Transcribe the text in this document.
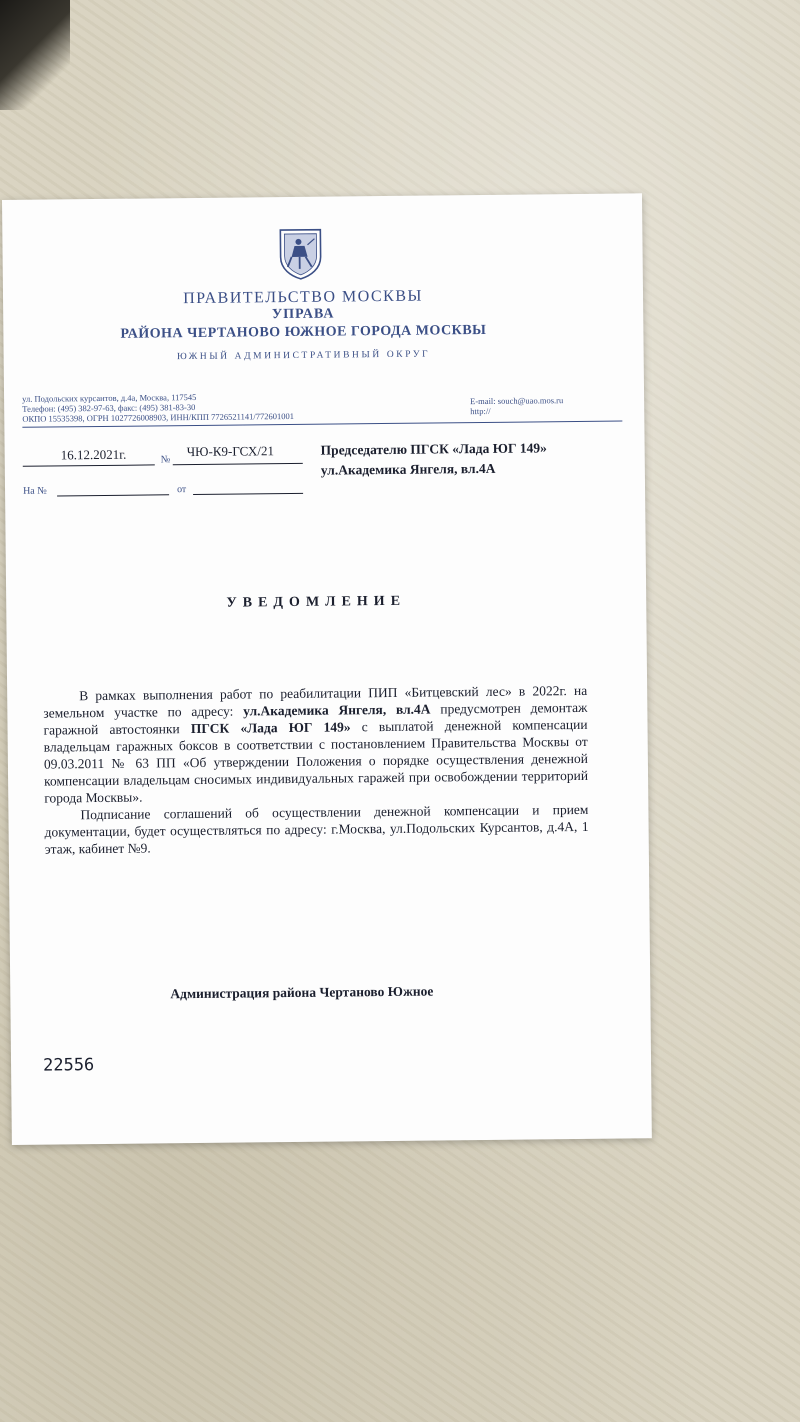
ПРАВИТЕЛЬСТВО МОСКВЫ
УПРАВА
РАЙОНА ЧЕРТАНОВО ЮЖНОЕ ГОРОДА МОСКВЫ
ЮЖНЫЙ АДМИНИСТРАТИВНЫЙ ОКРУГ
ул. Подольских курсантов, д.4а, Москва, 117545
Телефон: (495) 382-97-63, факс: (495) 381-83-30
ОКПО 15535398, ОГРН 1027726008903, ИНН/КПП 7726521141/772601001
E-mail: souch@uao.mos.ru
http://
16.12.2021г.	№
ЧЮ-К9-ГСХ/21
На №	от
Председателю ПГСК «Лада ЮГ 149»
ул.Академика Янгеля, вл.4А
УВЕДОМЛЕНИЕ

В рамках выполнения работ по реабилитации ПИП «Битцевский лес» в 2022г. на земельном участке по адресу: ул.Академика Янгеля, вл.4А предусмотрен демонтаж гаражной автостоянки ПГСК «Лада ЮГ 149» с выплатой денежной компенсации владельцам гаражных боксов в соответствии с постановлением Правительства Москвы от 09.03.2011 № 63 ПП «Об утверждении Положения о порядке осуществления денежной компенсации владельцам сносимых индивидуальных гаражей при освобождении территорий города Москвы».

Подписание соглашений об осуществлении денежной компенсации и прием документации, будет осуществляться по адресу: г.Москва, ул.Подольских Курсантов, д.4А, 1 этаж, кабинет №9.

Администрация района Чертаново Южное
22556
